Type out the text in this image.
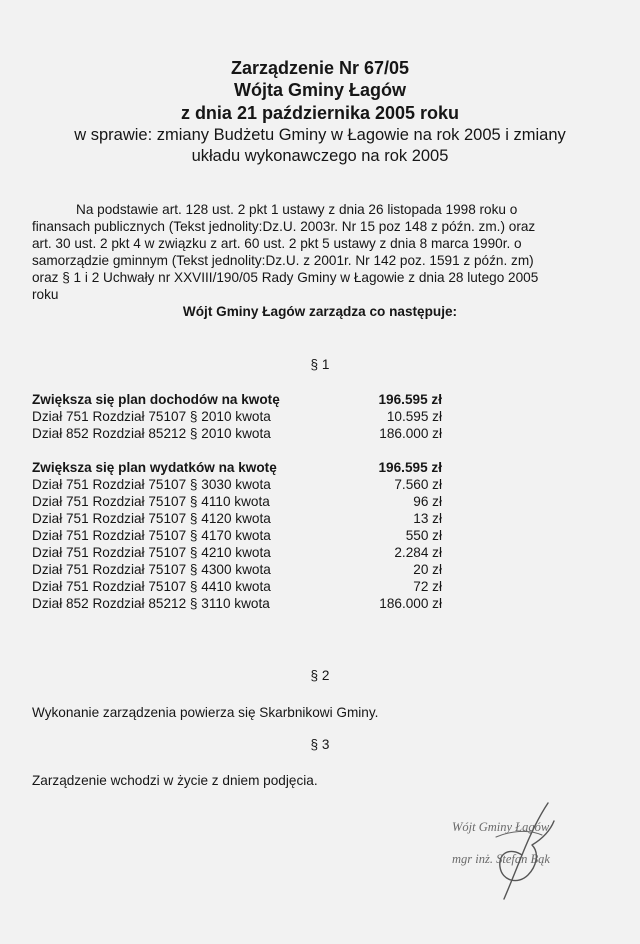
Zarządzenie Nr 67/05
Wójta Gminy Łagów
z dnia 21 października 2005 roku
w sprawie: zmiany Budżetu Gminy w Łagowie na rok 2005 i zmiany
układu wykonawczego na rok 2005
Na podstawie art. 128 ust. 2 pkt 1 ustawy z dnia 26 listopada 1998 roku o
finansach publicznych (Tekst jednolity:Dz.U. 2003r. Nr 15 poz 148 z późn. zm.) oraz
art. 30 ust. 2 pkt 4 w związku z art. 60 ust. 2 pkt 5 ustawy z dnia 8 marca 1990r. o
samorządzie gminnym (Tekst jednolity:Dz.U. z 2001r. Nr 142 poz. 1591 z późn. zm)
oraz § 1 i 2 Uchwały nr XXVIII/190/05 Rady Gminy w Łagowie z dnia 28 lutego 2005
roku
Wójt Gminy Łagów zarządza co następuje:
§ 1
Zwiększa się plan dochodów na kwotę	196.595 zł
Dział 751 Rozdział 75107 § 2010 kwota	10.595 zł
Dział 852 Rozdział 85212 § 2010 kwota	186.000 zł
Zwiększa się plan wydatków na kwotę	196.595 zł
Dział 751 Rozdział 75107 § 3030 kwota	7.560 zł
Dział 751 Rozdział 75107 § 4110 kwota	96 zł
Dział 751 Rozdział 75107 § 4120 kwota	13 zł
Dział 751 Rozdział 75107 § 4170 kwota	550 zł
Dział 751 Rozdział 75107 § 4210 kwota	2.284 zł
Dział 751 Rozdział 75107 § 4300 kwota	20 zł
Dział 751 Rozdział 75107 § 4410 kwota	72 zł
Dział 852 Rozdział 85212 § 3110 kwota	186.000 zł
§ 2
Wykonanie zarządzenia powierza się Skarbnikowi Gminy.
§ 3
Zarządzenie wchodzi w życie z dniem podjęcia.
Wójt Gminy Łagów
mgr inż. Stefan Bąk
